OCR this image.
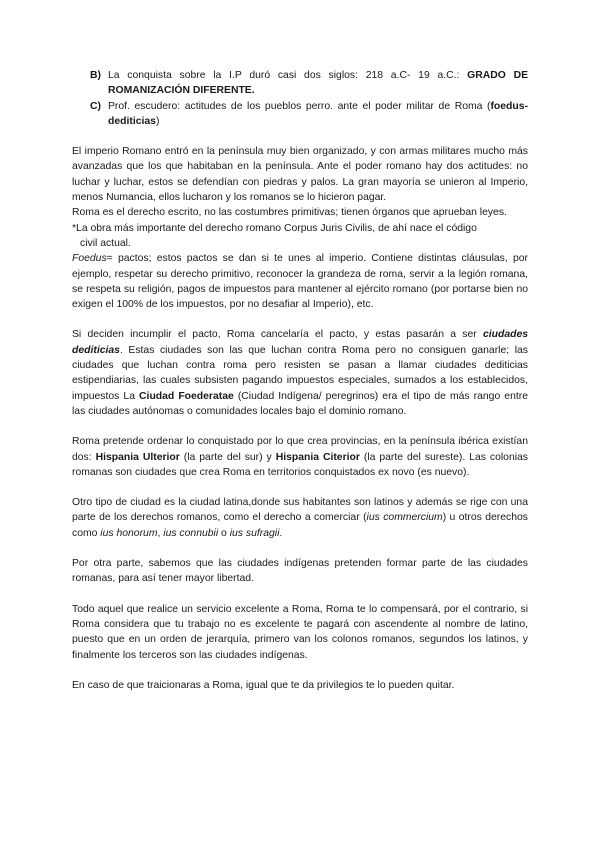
B) La conquista sobre la I.P duró casi dos siglos: 218 a.C- 19 a.C.: GRADO DE ROMANIZACIÓN DIFERENTE.
C) Prof. escudero: actitudes de los pueblos perro. ante el poder militar de Roma (foedus- dediticias)

El imperio Romano entró en la península muy bien organizado, y con armas militares mucho más avanzadas que los que habitaban en la península. Ante el poder romano hay dos actitudes: no luchar y luchar, estos se defendían con piedras y palos. La gran mayoría se unieron al Imperio, menos Numancia, ellos lucharon y los romanos se lo hicieron pagar.

Roma es el derecho escrito, no las costumbres primitivas; tienen órganos que aprueban leyes.

*La obra más importante del derecho romano Corpus Juris Civilis, de ahí nace el código

civil actual.

Foedus= pactos; estos pactos se dan si te unes al imperio. Contiene distintas cláusulas, por ejemplo, respetar su derecho primitivo, reconocer la grandeza de roma, servir a la legión romana, se respeta su religión, pagos de impuestos para mantener al ejército romano (por portarse bien no exigen el 100% de los impuestos, por no desafiar al Imperio), etc.

Si deciden incumplir el pacto, Roma cancelaría el pacto, y estas pasarán a ser ciudades dediticias. Estas ciudades son las que luchan contra Roma pero no consiguen ganarle; las ciudades que luchan contra roma pero resisten se pasan a llamar ciudades dediticias estipendiarias, las cuales subsisten pagando impuestos especiales, sumados a los establecidos, impuestos La Ciudad Foederatae (Ciudad Indígena/ peregrinos) era el tipo de más rango entre las ciudades autónomas o comunidades locales bajo el dominio romano.

Roma pretende ordenar lo conquistado por lo que crea provincias, en la península ibérica existían dos: Hispania Ulterior (la parte del sur) y Hispania Citerior (la parte del sureste). Las colonias romanas son ciudades que crea Roma en territorios conquistados ex novo (es nuevo).

Otro tipo de ciudad es la ciudad latina,donde sus habitantes son latinos y además se rige con una parte de los derechos romanos, como el derecho a comerciar (ius commercium) u otros derechos como ius honorum, ius connubii o ius sufragii.

Por otra parte, sabemos que las ciudades indígenas pretenden formar parte de las ciudades romanas, para así tener mayor libertad.

Todo aquel que realice un servicio excelente a Roma, Roma te lo compensará, por el contrario, si Roma considera que tu trabajo no es excelente te pagará con ascendente al nombre de latino, puesto que en un orden de jerarquía, primero van los colonos romanos, segundos los latinos, y finalmente los terceros son las ciudades indígenas.

En caso de que traicionaras a Roma, igual que te da privilegios te lo pueden quitar.
